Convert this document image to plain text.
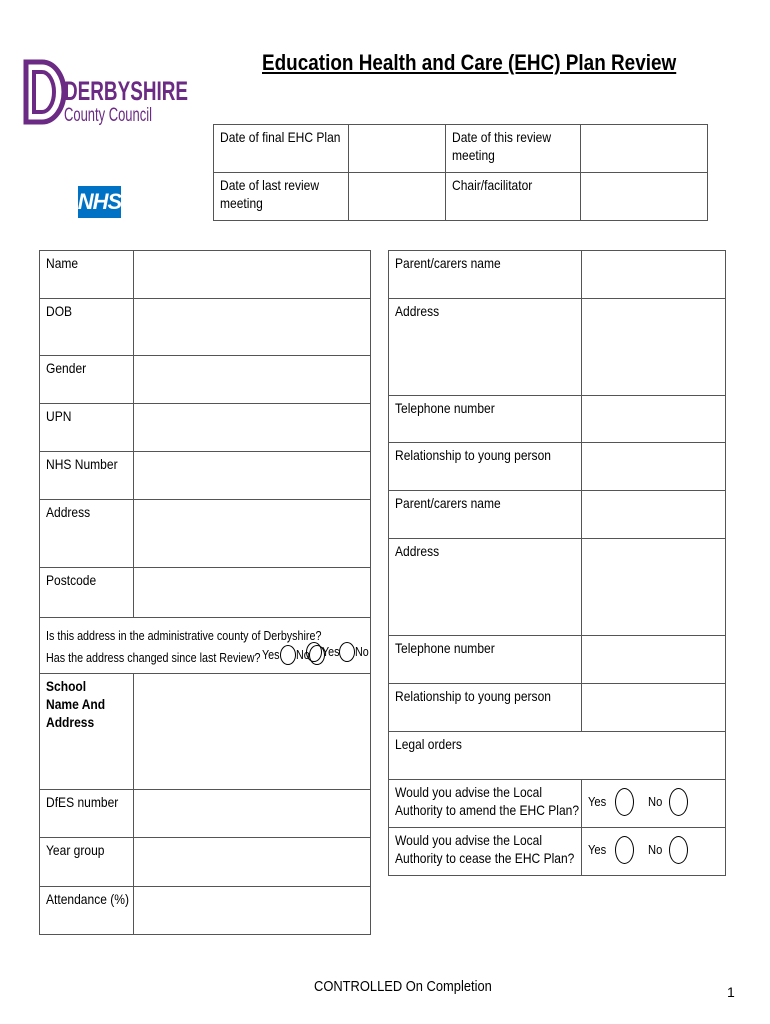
Education Health and Care (EHC) Plan Review
DERBYSHIRE
County Council
NHS
Date of final EHC Plan		Date of this review meeting	
Date of last review meeting		Chair/facilitator	
Name	
DOB	
Gender	
UPN	
NHS Number	
Address	
Postcode	

Is this address in the administrative county of Derbyshire?
Yes No
Has the address changed since last Review? Yes No	

School Name And Address	
DfES number	
Year group	
Attendance (%)	
Parent/carers name	
Address	
Telephone number	
Relationship to young person	
Parent/carers name	
Address	
Telephone number	
Relationship to young person	
Legal orders	
Would you advise the Local Authority to amend the EHC Plan?	Yes No
Would you advise the Local Authority to cease the EHC Plan?	Yes No
CONTROLLED On Completion	1
